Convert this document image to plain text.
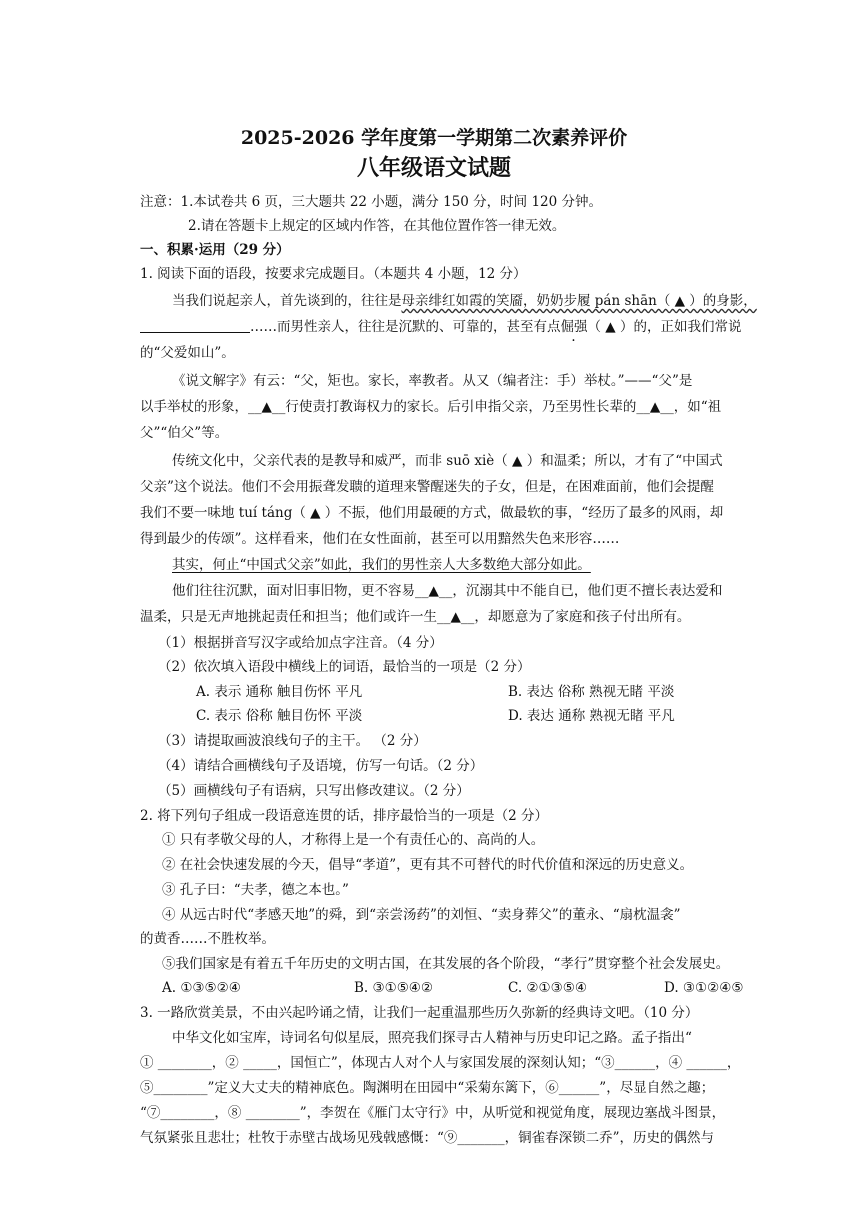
2025-2026 学年度第一学期第二次素养评价
八年级语文试题
注意：1.本试卷共 6 页，三大题共 22 小题，满分 150 分，时间 120 分钟。
2.请在答题卡上规定的区域内作答，在其他位置作答一律无效。
一、积累·运用（29 分）
1. 阅读下面的语段，按要求完成题目。（本题共 4 小题，12 分）
当我们说起亲人，首先谈到的，往往是母亲绯红如霞的笑靥，奶奶步履 pán shān（ ▲ ）的身影，
……而男性亲人，往往是沉默的、可靠的，甚至有点倔强（ ▲ ）的，正如我们常说
的“父爱如山”。
《说文解字》有云：“父，矩也。家长，率教者。从又（编者注：手）举杖。”——“父”是
以手举杖的形象，__▲__行使责打教诲权力的家长。后引申指父亲，乃至男性长辈的__▲__，如“祖
父”“伯父”等。
传统文化中，父亲代表的是教导和威严，而非 suō xiè（ ▲ ）和温柔；所以，才有了“中国式
父亲”这个说法。他们不会用振聋发聩的道理来警醒迷失的子女，但是，在困难面前，他们会提醒
我们不要一味地 tuí táng（ ▲ ）不振，他们用最硬的方式，做最软的事，“经历了最多的风雨，却
得到最少的传颂”。这样看来，他们在女性面前，甚至可以用黯然失色来形容……
其实，何止“中国式父亲”如此，我们的男性亲人大多数绝大部分如此。
他们往往沉默，面对旧事旧物，更不容易__▲__，沉溺其中不能自已，他们更不擅长表达爱和
温柔，只是无声地挑起责任和担当；他们或许一生__▲__，却愿意为了家庭和孩子付出所有。
（1）根据拼音写汉字或给加点字注音。（4 分）
（2）依次填入语段中横线上的词语，最恰当的一项是（2 分）
A. 表示 通称 触目伤怀 平凡	B. 表达 俗称 熟视无睹 平淡
C. 表示 俗称 触目伤怀 平淡	D. 表达 通称 熟视无睹 平凡
（3）请提取画波浪线句子的主干。 （2 分）
（4）请结合画横线句子及语境，仿写一句话。（2 分）
（5）画横线句子有语病，只写出修改建议。（2 分）
2. 将下列句子组成一段语意连贯的话，排序最恰当的一项是（2 分）
① 只有孝敬父母的人，才称得上是一个有责任心的、高尚的人。
② 在社会快速发展的今天，倡导“孝道”，更有其不可替代的时代价值和深远的历史意义。
③ 孔子曰：“夫孝，德之本也。”
④ 从远古时代“孝感天地”的舜，到“亲尝汤药”的刘恒、“卖身葬父”的董永、“扇枕温衾”
的黄香……不胜枚举。
⑤我们国家是有着五千年历史的文明古国，在其发展的各个阶段，“孝行”贯穿整个社会发展史。
A. ①③⑤②④	B. ③①⑤④②	C. ②①③⑤④	D. ③①②④⑤
3. 一路欣赏美景，不由兴起吟诵之情，让我们一起重温那些历久弥新的经典诗文吧。（10 分）
中华文化如宝库，诗词名句似星辰，照亮我们探寻古人精神与历史印记之路。孟子指出“
① ________，② _____，国恒亡”，体现古人对个人与家国发展的深刻认知；“③______，④ ______，
⑤________”定义大丈夫的精神底色。陶渊明在田园中“采菊东篱下，⑥______”，尽显自然之趣；
“⑦________，⑧ ________”，李贺在《雁门太守行》中，从听觉和视觉角度，展现边塞战斗图景，
气氛紧张且悲壮；杜牧于赤壁古战场见残戟感慨：“⑨_______，铜雀春深锁二乔”，历史的偶然与
